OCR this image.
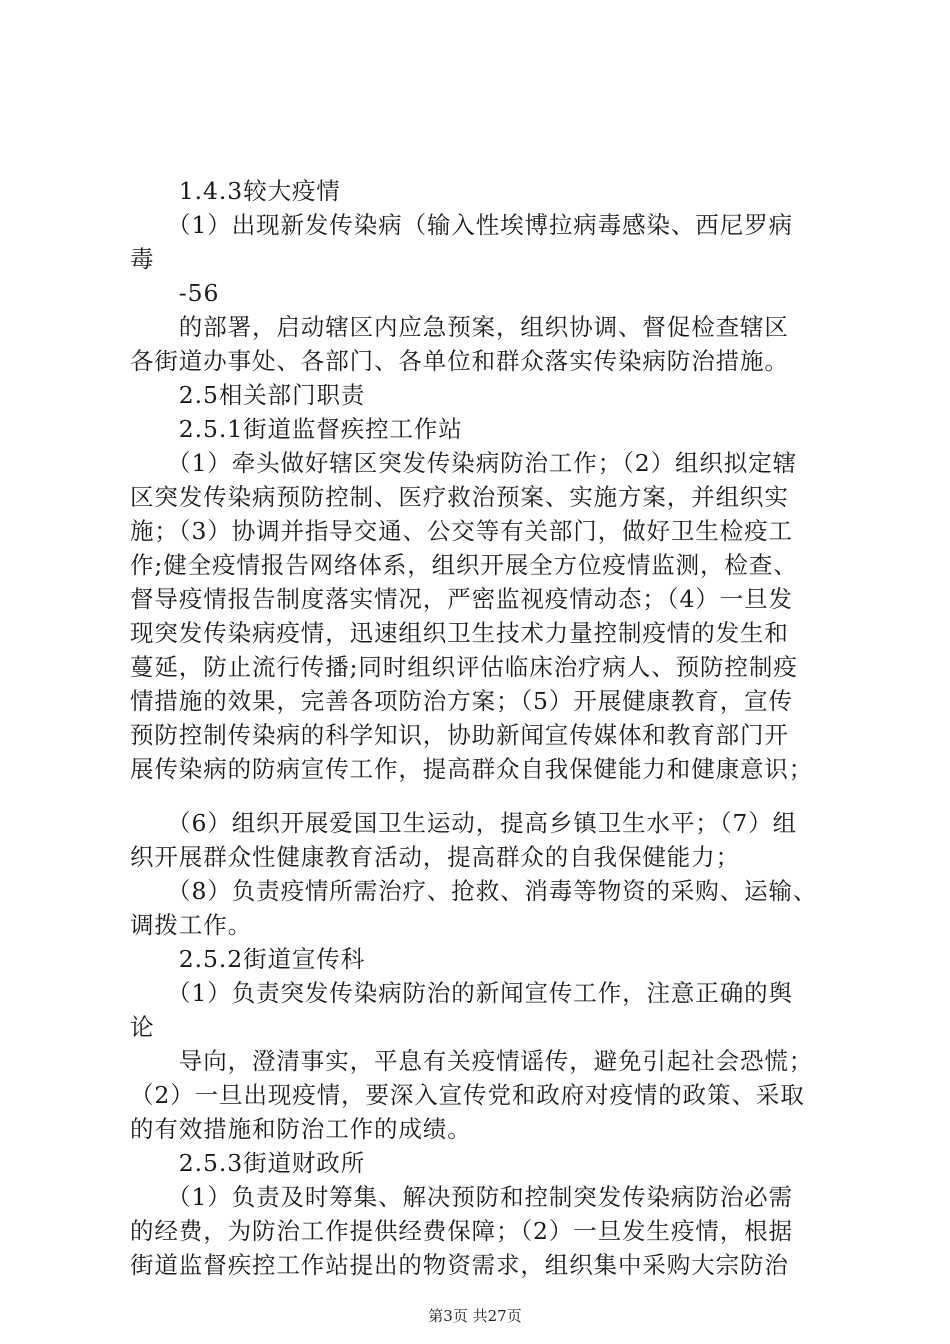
　　1.4.3较大疫情
　　（1）出现新发传染病（输入性埃博拉病毒感染、西尼罗病
毒
　　-56
　　的部署，启动辖区内应急预案，组织协调、督促检查辖区
各街道办事处、各部门、各单位和群众落实传染病防治措施。
　　2.5相关部门职责
　　2.5.1街道监督疾控工作站
　　（1）牵头做好辖区突发传染病防治工作；（2）组织拟定辖
区突发传染病预防控制、医疗救治预案、实施方案，并组织实
施；（3）协调并指导交通、公交等有关部门，做好卫生检疫工
作;健全疫情报告网络体系，组织开展全方位疫情监测，检查、
督导疫情报告制度落实情况，严密监视疫情动态；（4）一旦发
现突发传染病疫情，迅速组织卫生技术力量控制疫情的发生和
蔓延，防止流行传播;同时组织评估临床治疗病人、预防控制疫
情措施的效果，完善各项防治方案；（5）开展健康教育，宣传
预防控制传染病的科学知识，协助新闻宣传媒体和教育部门开
展传染病的防病宣传工作，提高群众自我保健能力和健康意识；
　　（6）组织开展爱国卫生运动，提高乡镇卫生水平；（7）组
织开展群众性健康教育活动，提高群众的自我保健能力；
　　（8）负责疫情所需治疗、抢救、消毒等物资的采购、运输、
调拨工作。
　　2.5.2街道宣传科
　　（1）负责突发传染病防治的新闻宣传工作，注意正确的舆
论
　　导向，澄清事实，平息有关疫情谣传，避免引起社会恐慌；
（2）一旦出现疫情，要深入宣传党和政府对疫情的政策、采取
的有效措施和防治工作的成绩。
　　2.5.3街道财政所
　　（1）负责及时筹集、解决预防和控制突发传染病防治必需
的经费，为防治工作提供经费保障；（2）一旦发生疫情，根据
街道监督疾控工作站提出的物资需求，组织集中采购大宗防治
第3页 共27页
